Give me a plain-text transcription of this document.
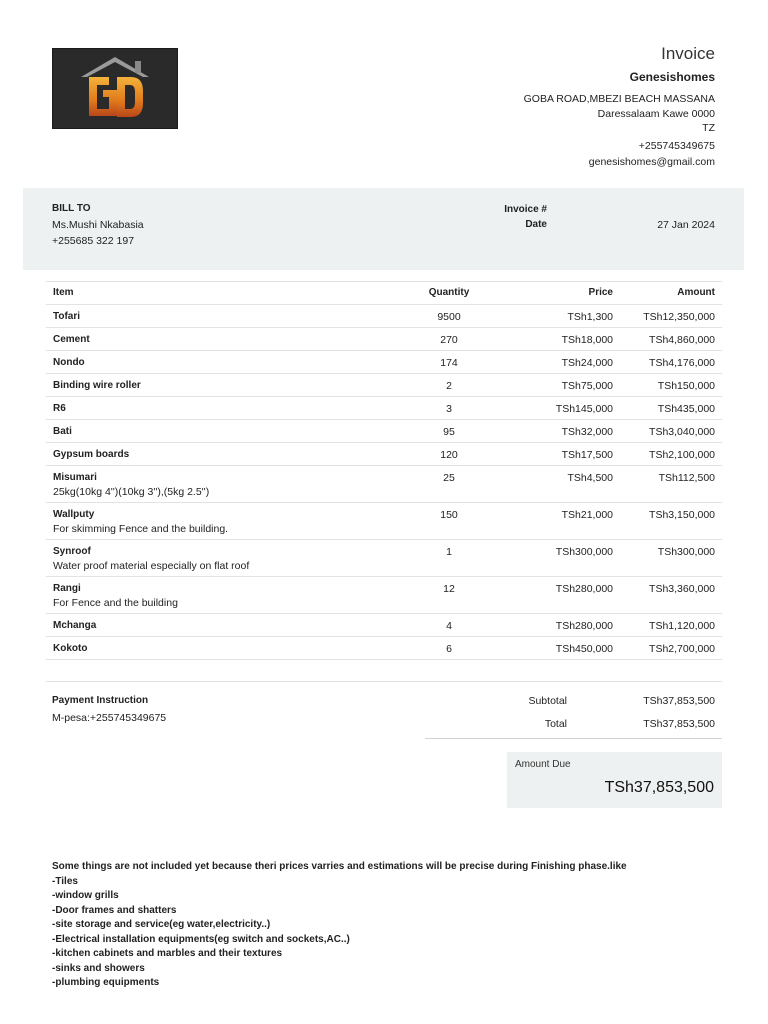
Invoice
Genesishomes
GOBA ROAD,MBEZI BEACH MASSANA
Daressalaam Kawe 0000
TZ
+255745349675
genesishomes@gmail.com
BILL TO
Ms.Mushi Nkabasia
+255685 322 197
Invoice #
Date	27 Jan 2024
Item	Quantity	Price	Amount

Tofari	9500	TSh1,300	TSh12,350,000

Cement	270	TSh18,000	TSh4,860,000

Nondo	174	TSh24,000	TSh4,176,000

Binding wire roller	2	TSh75,000	TSh150,000

R6	3	TSh145,000	TSh435,000

Bati	95	TSh32,000	TSh3,040,000

Gypsum boards	120	TSh17,500	TSh2,100,000

Misumari
25kg(10kg 4'')(10kg 3''),(5kg 2.5'')	25	TSh4,500	TSh112,500

Wallputy
For skimming Fence and the building.	150	TSh21,000	TSh3,150,000

Synroof
Water proof material especially on flat roof	1	TSh300,000	TSh300,000

Rangi
For Fence and the building	12	TSh280,000	TSh3,360,000

Mchanga	4	TSh280,000	TSh1,120,000

Kokoto	6	TSh450,000	TSh2,700,000
Payment Instruction
M-pesa:+255745349675
Subtotal	TSh37,853,500
Total	TSh37,853,500
Amount Due
TSh37,853,500
Some things are not included yet because theri prices varries and estimations will be precise during Finishing phase.like
-Tiles
-window grills
-Door frames and shatters
-site storage and service(eg water,electricity..)
-Electrical installation equipments(eg switch and sockets,AC..)
-kitchen cabinets and marbles and their textures
-sinks and showers
-plumbing equipments
